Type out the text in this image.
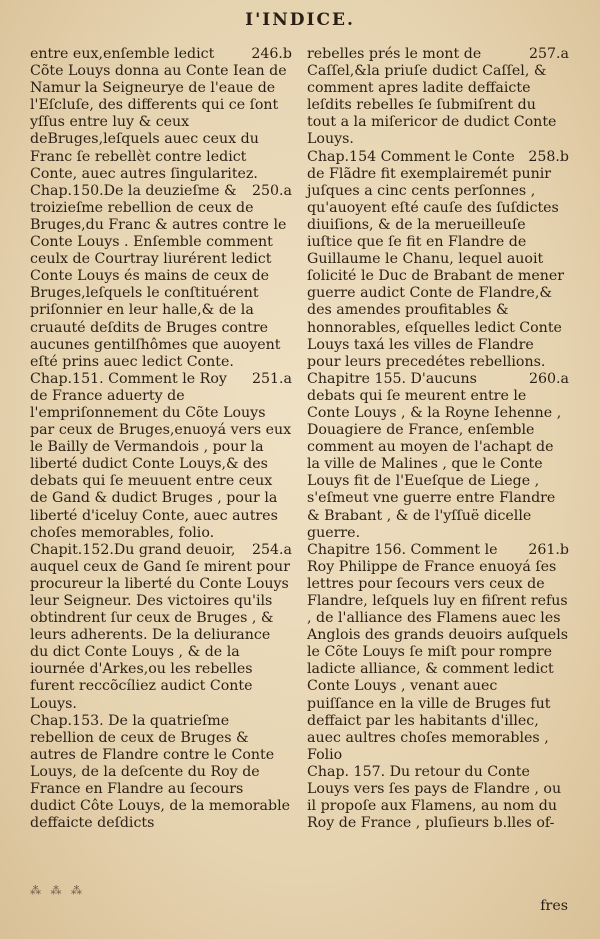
I'INDICE.

246.b
entre eux,enſemble ledict Cõte Louys donna au Conte Iean de Namur la Seigneurye de l'eaue de l'Eſcluſe, des differents qui ce ſont yſſus entre luy & ceux deBruges,leſquels auec ceux du Franc ſe rebellèt contre ledict Conte, auec autres ſingularitez.

250.a
Chap.150.De la deuzieſme & troizieſme rebellion de ceux de Bruges,du Franc & autres contre le Conte Louys . Enſemble comment ceulx de Courtray liurérent ledict Conte Louys és mains de ceux de Bruges,leſquels le conſtituérent priſonnier en leur halle,& de la cruauté deſdits de Bruges contre aucunes gentilſhômes que auoyent eſté prins auec ledict Conte.

251.a
Chap.151. Comment le Roy de France aduerty de l'empriſonnement du Cõte Louys par ceux de Bruges,enuoyá vers eux le Bailly de Vermandois , pour la liberté dudict Conte Louys,& des debats qui ſe meuuent entre ceux de Gand & dudict Bruges , pour la liberté d'iceluy Conte, auec autres choſes memorables, folio.

254.a
Chapit.152.Du grand deuoir, auquel ceux de Gand ſe mirent pour procureur la liberté du Conte Louys leur Seigneur. Des victoires qu'ils obtindrent ſur ceux de Bruges , & leurs adherents. De la deliurance du dict Conte Louys , & de la iournée d'Arkes,ou les rebelles furent reccõcíliez audict Conte Louys.

Chap.153. De la quatrieſme rebellion de ceux de Bruges & autres de Flandre contre le Conte Louys, de la deſcente du Roy de France en Flandre au ſecours dudict Côte Louys, de la memorable deffaicte deſdicts

257.a
rebelles prés le mont de Caſſel,&la priuſe dudict Caſſel, & comment apres ladite deffaicte leſdits rebelles ſe ſubmiſrent du tout a la miſericor de dudict Conte Louys.

258.b
Chap.154 Comment le Conte de Flãdre fit exemplairemét punir juſques a cinc cents perſonnes , qu'auoyent eſté cauſe des ſuſdictes diuiſions, & de la merueilleuſe iuſtice que ſe fit en Flandre de Guillaume le Chanu, lequel auoit ſolicité le Duc de Brabant de mener guerre audict Conte de Flandre,& des amendes proufitables & honnorables, eſquelles ledict Conte Louys taxá les villes de Flandre pour leurs precedétes rebellions.

260.a
Chapitre 155. D'aucuns debats qui ſe meurent entre le Conte Louys , & la Royne Iehenne , Douagiere de France, enſemble comment au moyen de l'achapt de la ville de Malines , que le Conte Louys fit de l'Eueſque de Liege , s'eſmeut vne guerre entre Flandre & Brabant , & de l'yſſuë dicelle guerre.

261.b
Chapitre 156. Comment le Roy Philippe de France enuoyá ſes lettres pour ſecours vers ceux de Flandre, leſquels luy en fiſrent refus , de l'alliance des Flamens auec les Anglois des grands deuoirs auſquels le Cõte Louys ſe miſt pour rompre ladicte alliance, & comment ledict Conte Louys , venant auec puiſſance en la ville de Bruges fut deffaict par les habitants d'illec, auec aultres choſes memorables , Folio

Chap. 157. Du retour du Conte Louys vers ſes pays de Flandre , ou il propoſe aux Flamens, au nom du Roy de France , pluſieurs b.lles of-

⁂ ⁂ ⁂
fres
